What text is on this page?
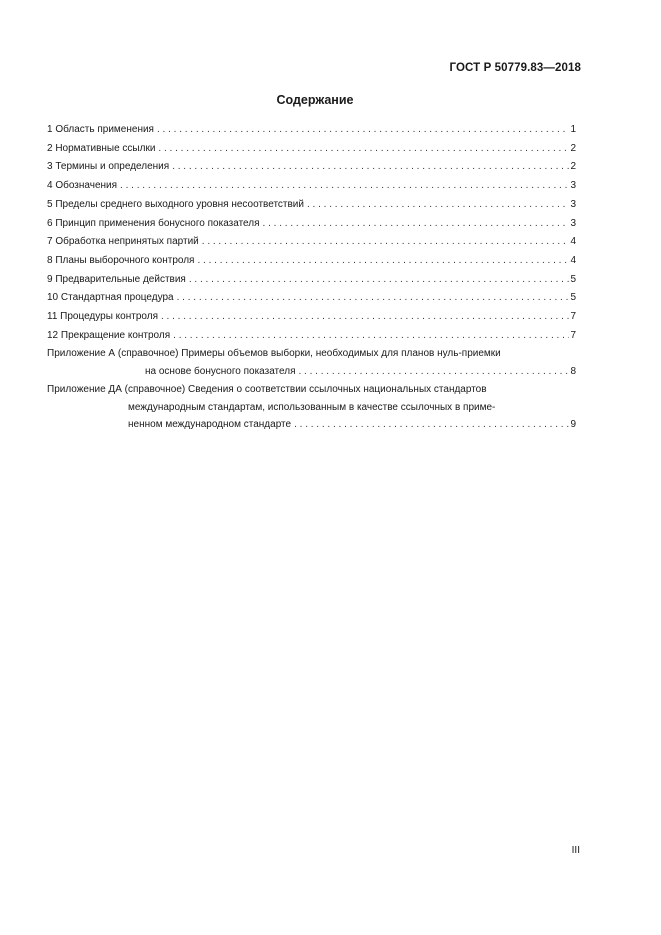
ГОСТ Р 50779.83—2018
Содержание
1 Область применения . . .	1
2 Нормативные ссылки . . .	2
3 Термины и определения . . .	2
4 Обозначения . . .	3
5 Пределы среднего выходного уровня несоответствий . . .	3
6 Принцип применения бонусного показателя . . .	3
7 Обработка непринятых партий . . .	4
8 Планы выборочного контроля . . .	4
9 Предварительные действия . . .	5
10 Стандартная процедура . . .	5
11 Процедуры контроля . . .	7
12 Прекращение контроля . . .	7
Приложение А (справочное) Примеры объемов выборки, необходимых для планов нуль-приемки
на основе бонусного показателя . . .	8
Приложение ДА (справочное) Сведения о соответствии ссылочных национальных стандартов
международным стандартам, использованным в качестве ссылочных в приме-
ненном международном стандарте . . .	9
III
